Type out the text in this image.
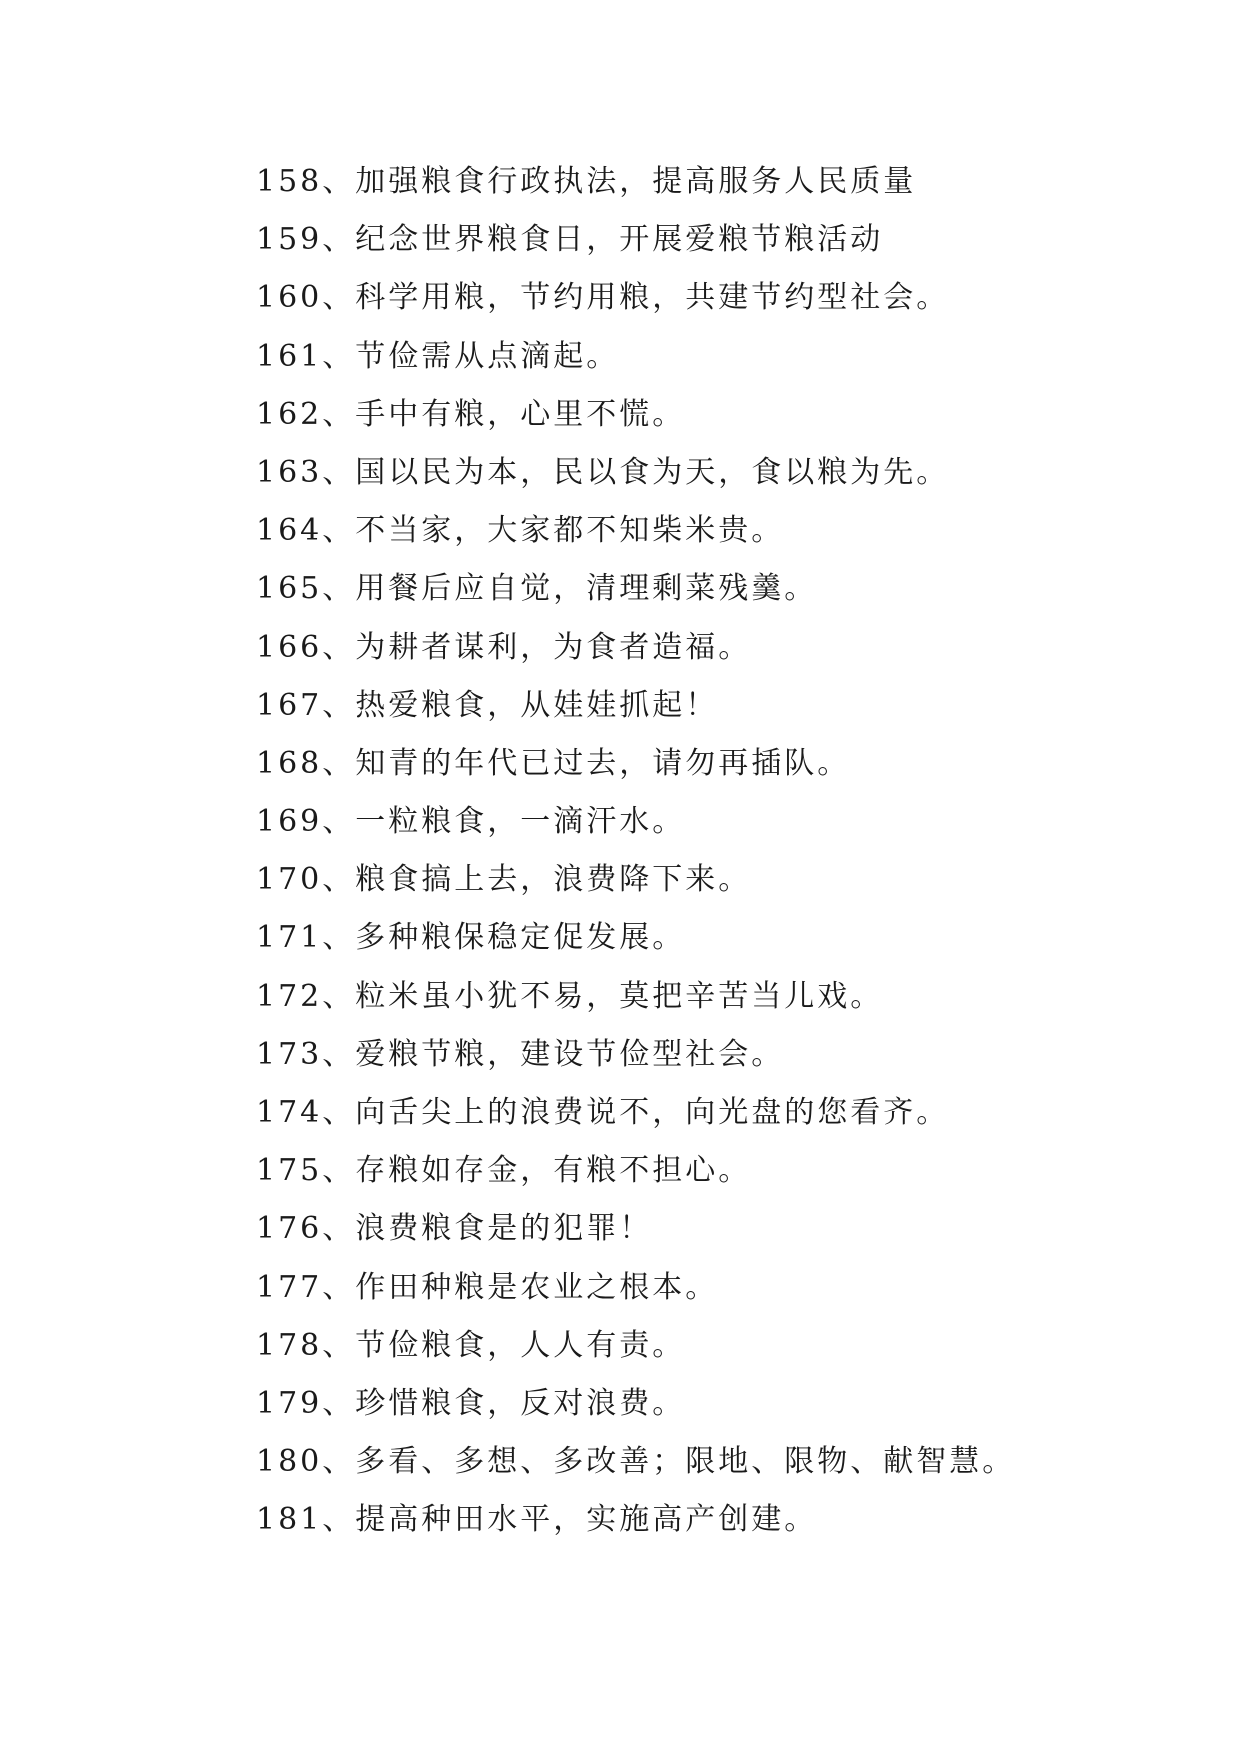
158、加强粮食行政执法，提高服务人民质量
159、纪念世界粮食日，开展爱粮节粮活动
160、科学用粮，节约用粮，共建节约型社会。
161、节俭需从点滴起。
162、手中有粮，心里不慌。
163、国以民为本，民以食为天，食以粮为先。
164、不当家，大家都不知柴米贵。
165、用餐后应自觉，清理剩菜残羹。
166、为耕者谋利，为食者造福。
167、热爱粮食，从娃娃抓起！
168、知青的年代已过去，请勿再插队。
169、一粒粮食，一滴汗水。
170、粮食搞上去，浪费降下来。
171、多种粮保稳定促发展。
172、粒米虽小犹不易，莫把辛苦当儿戏。
173、爱粮节粮，建设节俭型社会。
174、向舌尖上的浪费说不，向光盘的您看齐。
175、存粮如存金，有粮不担心。
176、浪费粮食是的犯罪！
177、作田种粮是农业之根本。
178、节俭粮食，人人有责。
179、珍惜粮食，反对浪费。
180、多看、多想、多改善；限地、限物、献智慧。
181、提高种田水平，实施高产创建。
